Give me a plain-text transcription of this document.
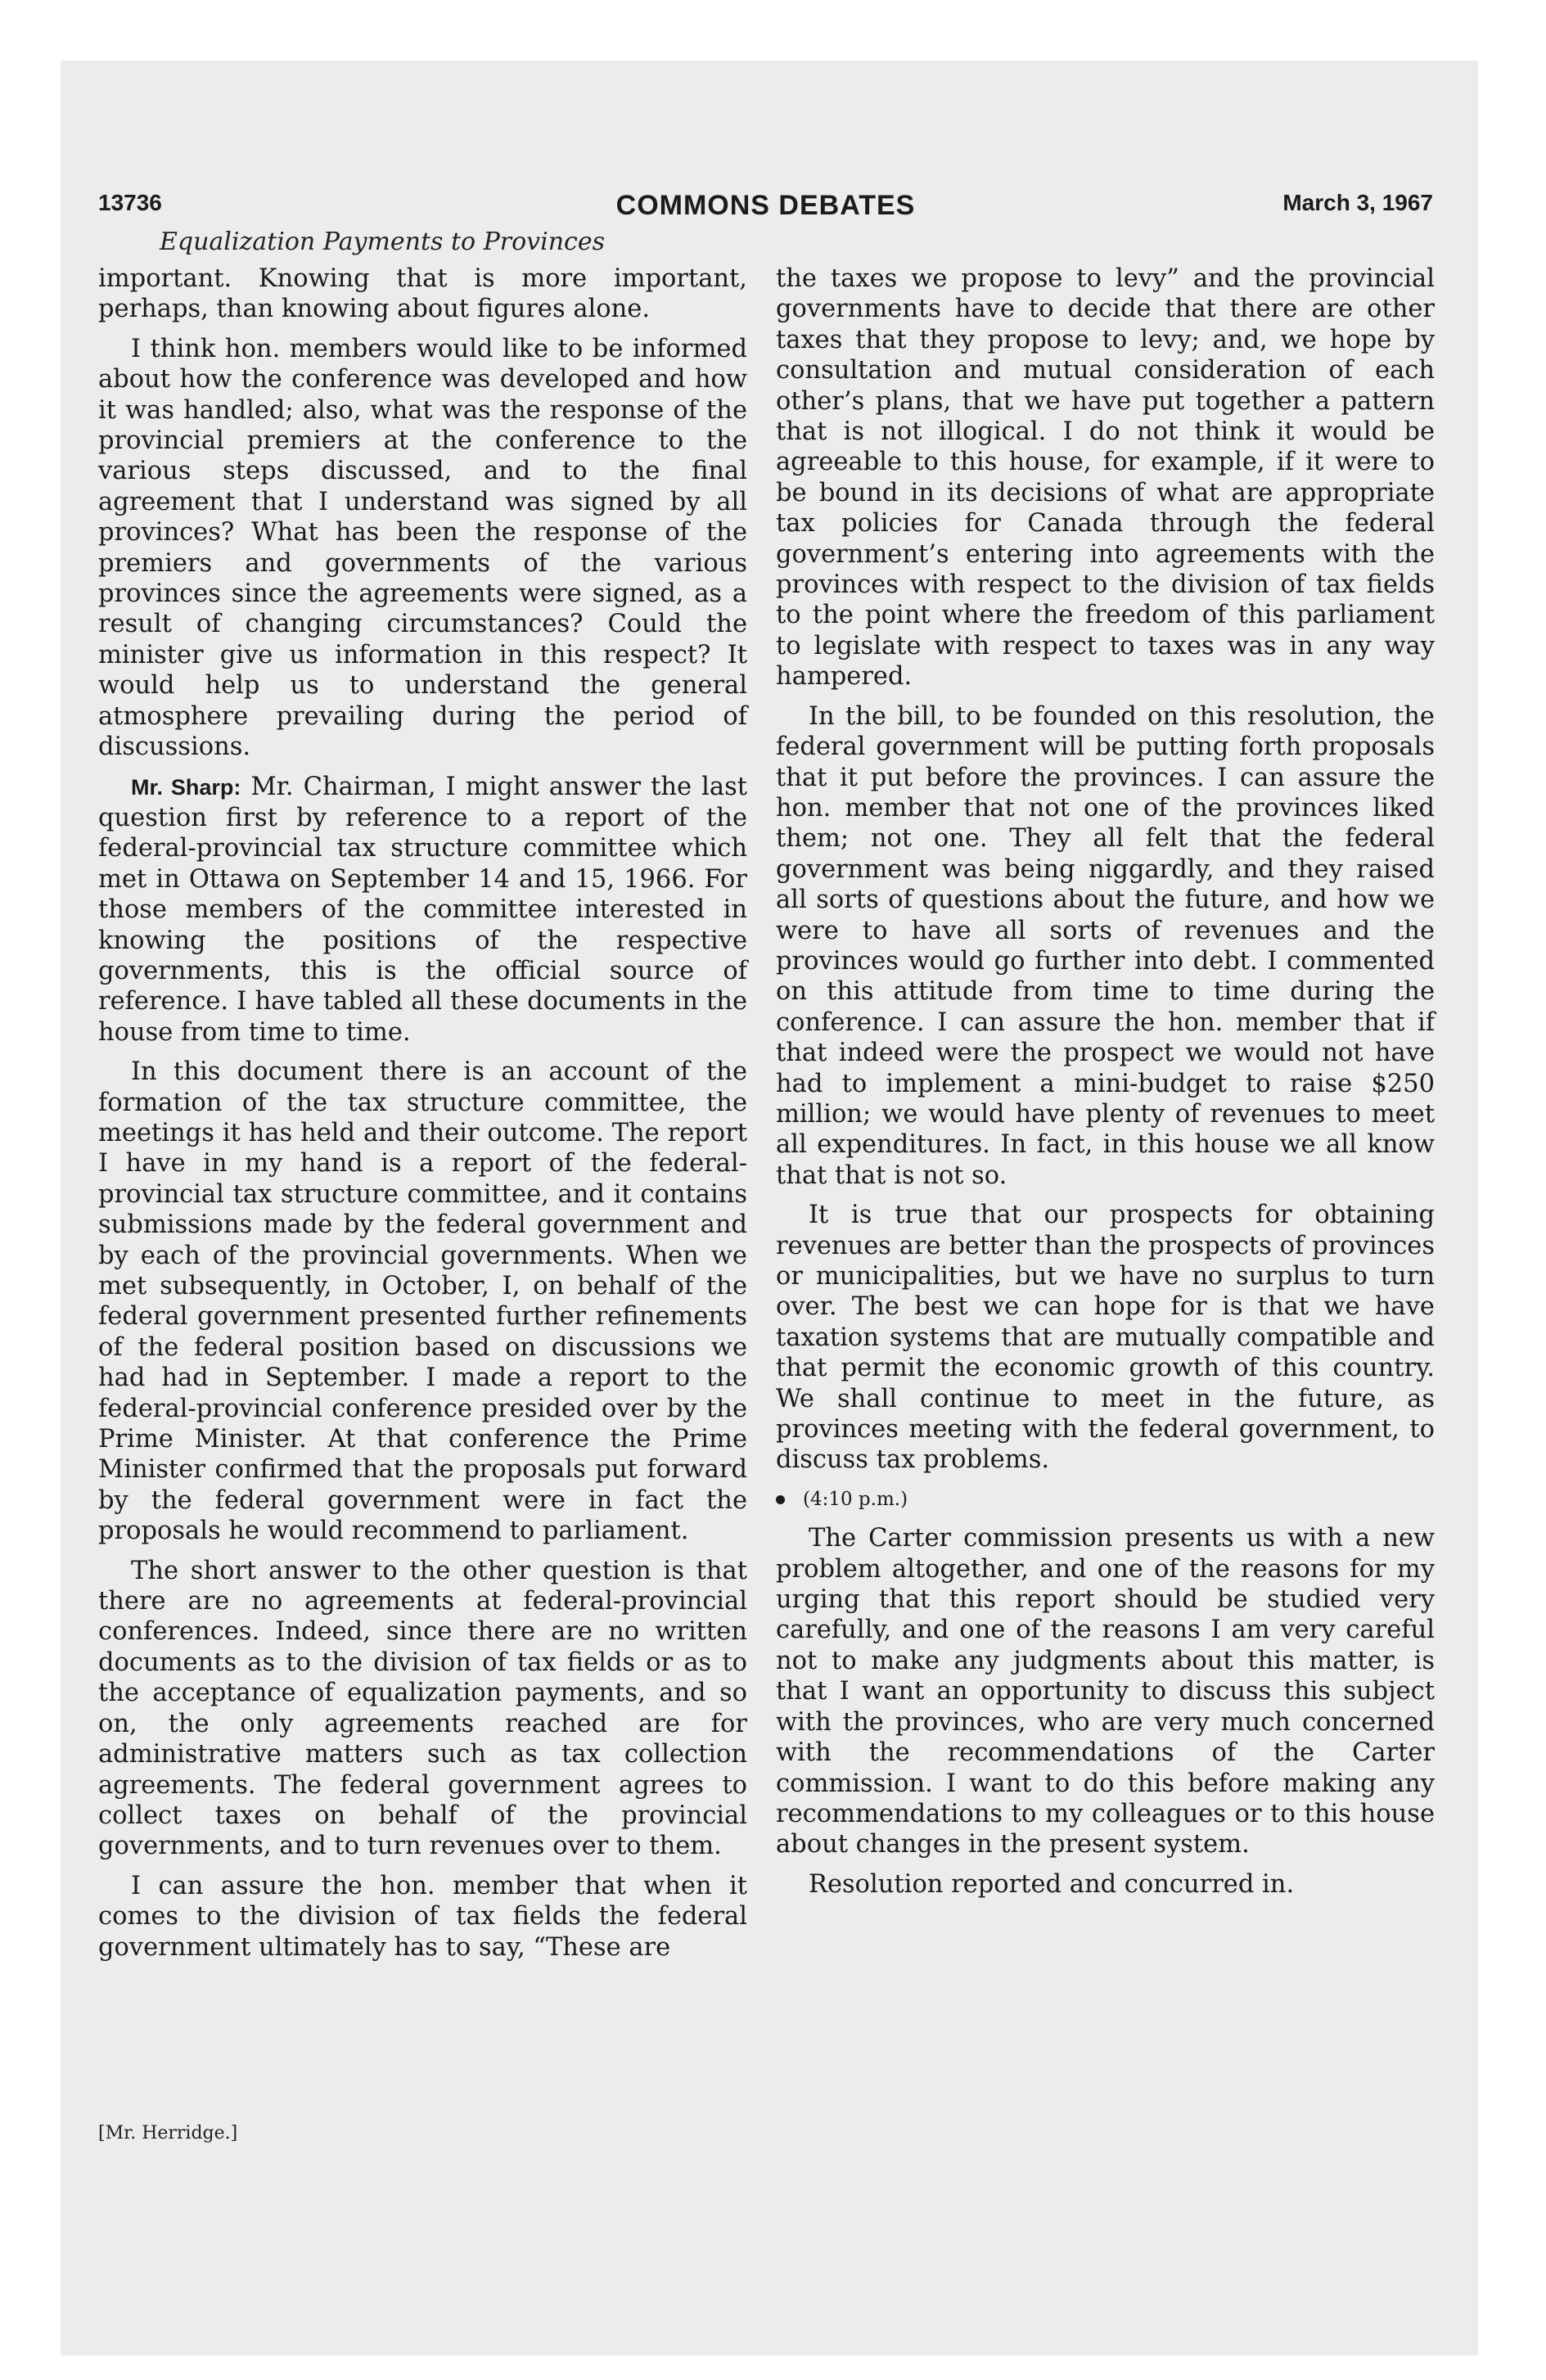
13736	COMMONS DEBATES	March 3, 1967
Equalization Payments to Provinces

important. Knowing that is more important, perhaps, than knowing about figures alone.

I think hon. members would like to be informed about how the conference was developed and how it was handled; also, what was the response of the provincial premiers at the conference to the various steps discussed, and to the final agreement that I understand was signed by all provinces? What has been the response of the premiers and governments of the various provinces since the agreements were signed, as a result of changing circumstances? Could the minister give us information in this respect? It would help us to understand the general atmosphere prevailing during the period of discussions.

Mr. Sharp: Mr. Chairman, I might answer the last question first by reference to a report of the federal-provincial tax structure committee which met in Ottawa on September 14 and 15, 1966. For those members of the committee interested in knowing the positions of the respective governments, this is the official source of reference. I have tabled all these documents in the house from time to time.

In this document there is an account of the formation of the tax structure committee, the meetings it has held and their outcome. The report I have in my hand is a report of the federal-provincial tax structure committee, and it contains submissions made by the federal government and by each of the provincial governments. When we met subsequently, in October, I, on behalf of the federal government presented further refinements of the federal position based on discussions we had had in September. I made a report to the federal-provincial conference presided over by the Prime Minister. At that conference the Prime Minister confirmed that the proposals put forward by the federal government were in fact the proposals he would recommend to parliament.

The short answer to the other question is that there are no agreements at federal-provincial conferences. Indeed, since there are no written documents as to the division of tax fields or as to the acceptance of equalization payments, and so on, the only agreements reached are for administrative matters such as tax collection agreements. The federal government agrees to collect taxes on behalf of the provincial governments, and to turn revenues over to them.

I can assure the hon. member that when it comes to the division of tax fields the federal government ultimately has to say, “These are

[Mr. Herridge.]

the taxes we propose to levy” and the provincial governments have to decide that there are other taxes that they propose to levy; and, we hope by consultation and mutual consideration of each other’s plans, that we have put together a pattern that is not illogical. I do not think it would be agreeable to this house, for example, if it were to be bound in its decisions of what are appropriate tax policies for Canada through the federal government’s entering into agreements with the provinces with respect to the division of tax fields to the point where the freedom of this parliament to legislate with respect to taxes was in any way hampered.

In the bill, to be founded on this resolution, the federal government will be putting forth proposals that it put before the provinces. I can assure the hon. member that not one of the provinces liked them; not one. They all felt that the federal government was being niggardly, and they raised all sorts of questions about the future, and how we were to have all sorts of revenues and the provinces would go further into debt. I commented on this attitude from time to time during the conference. I can assure the hon. member that if that indeed were the prospect we would not have had to implement a mini-budget to raise $250 million; we would have plenty of revenues to meet all expenditures. In fact, in this house we all know that that is not so.

It is true that our prospects for obtaining revenues are better than the prospects of provinces or municipalities, but we have no surplus to turn over. The best we can hope for is that we have taxation systems that are mutually compatible and that permit the economic growth of this country. We shall continue to meet in the future, as provinces meeting with the federal government, to discuss tax problems.

(4:10 p.m.)

The Carter commission presents us with a new problem altogether, and one of the reasons for my urging that this report should be studied very carefully, and one of the reasons I am very careful not to make any judgments about this matter, is that I want an opportunity to discuss this subject with the provinces, who are very much concerned with the recommendations of the Carter commission. I want to do this before making any recommendations to my colleagues or to this house about changes in the present system.

Resolution reported and concurred in.
